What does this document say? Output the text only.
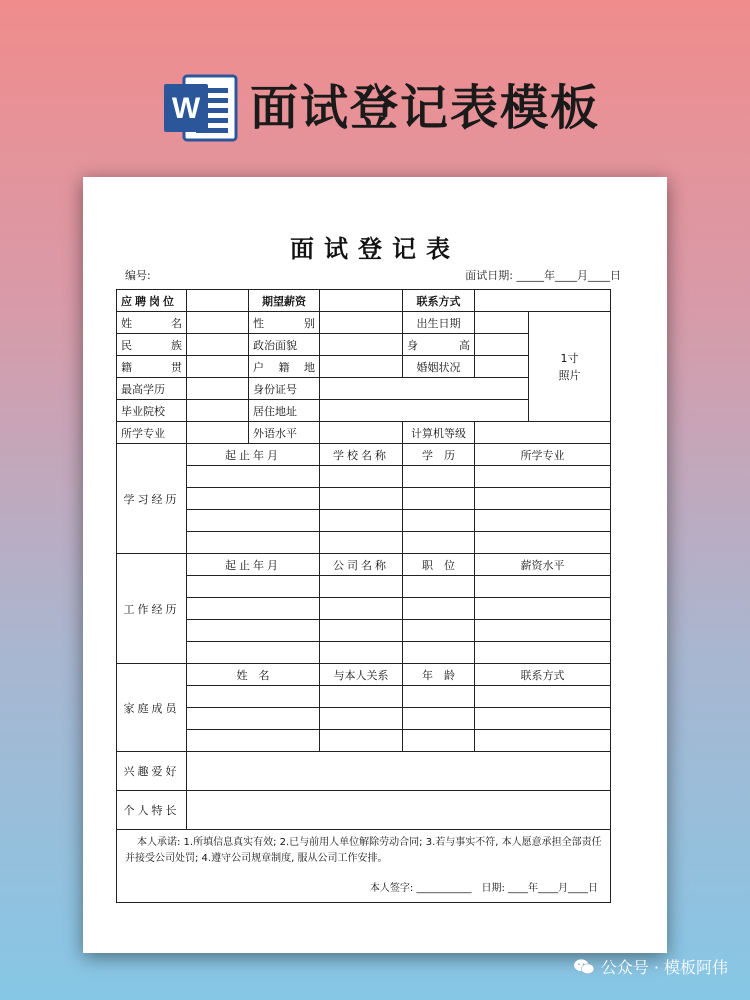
W 面试登记表模板
面试登记表
编号:	面试日期: _____年____月____日
应聘岗位		期望薪资		联系方式		
姓名		性别		出生日期		1寸
照片
民族		政治面貌		身高		
籍贯		户籍地		婚姻状况		
最高学历		身份证号				
毕业院校		居住地址				
所学专业		外语水平		计算机等级		
学习经历	起止年月		学校名称	学　历	所学专业	

工作经历	起止年月		公司名称	职　位	薪资水平	

家庭成员	姓　名		与本人关系	年　龄	联系方式	

兴趣爱好						
个人特长						

本人承诺: 1.所填信息真实有效; 2.已与前用人单位解除劳动合同; 3.若与事实不符, 本人愿意承担全部责任并接受公司处罚; 4.遵守公司规章制度, 服从公司工作安排。
本人签字: ___________　日期: ____年____月____日						
公众号 · 模板阿伟
